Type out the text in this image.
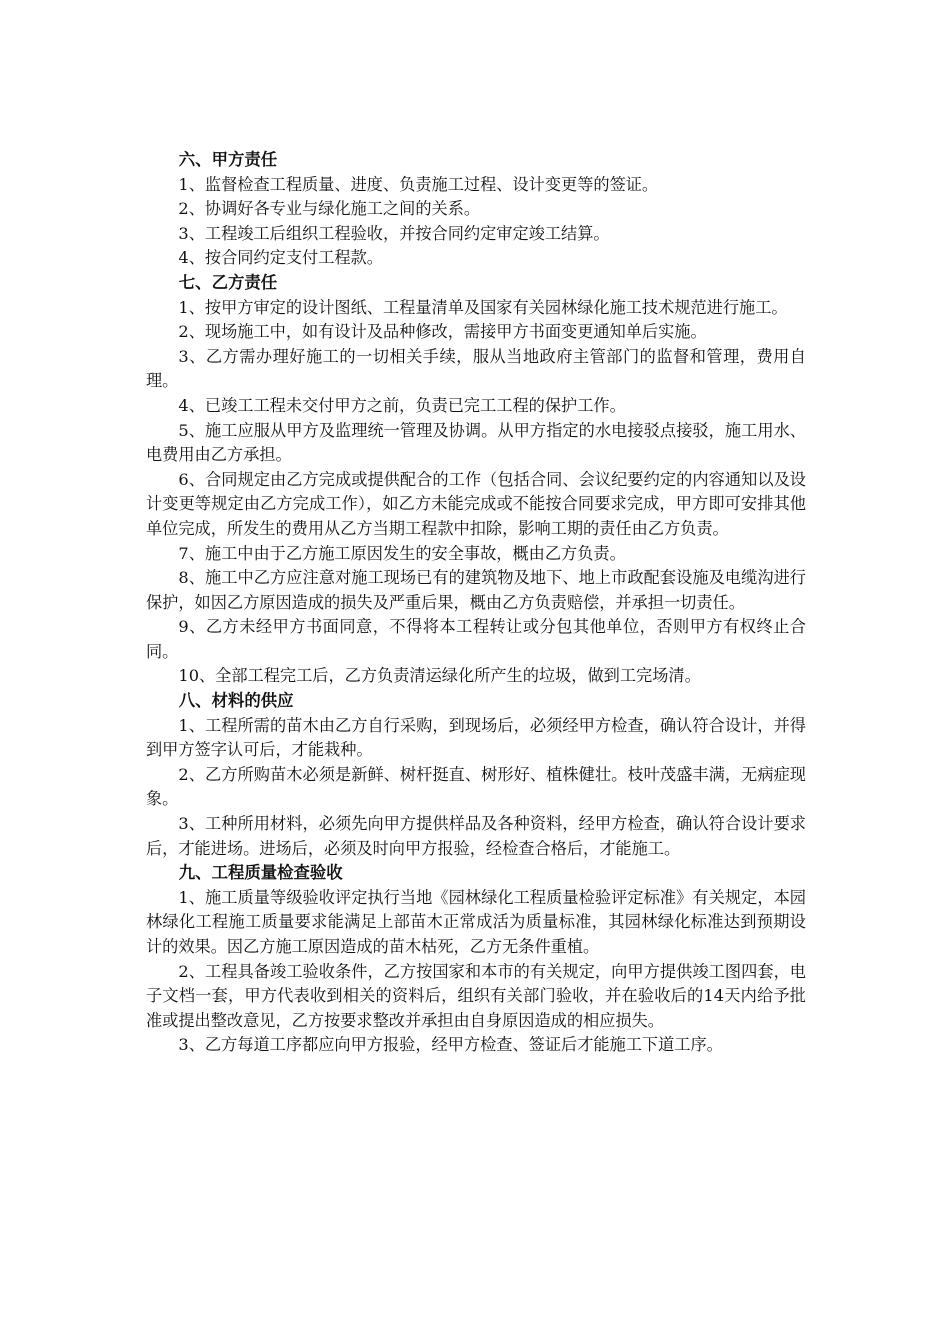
六、甲方责任

1、监督检查工程质量、进度、负责施工过程、设计变更等的签证。

2、协调好各专业与绿化施工之间的关系。

3、工程竣工后组织工程验收，并按合同约定审定竣工结算。

4、按合同约定支付工程款。

七、乙方责任

1、按甲方审定的设计图纸、工程量清单及国家有关园林绿化施工技术规范进行施工。

2、现场施工中，如有设计及品种修改，需接甲方书面变更通知单后实施。

3、乙方需办理好施工的一切相关手续，服从当地政府主管部门的监督和管理，费用自理。

4、已竣工工程未交付甲方之前，负责已完工工程的保护工作。

5、施工应服从甲方及监理统一管理及协调。从甲方指定的水电接驳点接驳，施工用水、电费用由乙方承担。

6、合同规定由乙方完成或提供配合的工作（包括合同、会议纪要约定的内容通知以及设计变更等规定由乙方完成工作），如乙方未能完成或不能按合同要求完成，甲方即可安排其他单位完成，所发生的费用从乙方当期工程款中扣除，影响工期的责任由乙方负责。

7、施工中由于乙方施工原因发生的安全事故，概由乙方负责。

8、施工中乙方应注意对施工现场已有的建筑物及地下、地上市政配套设施及电缆沟进行保护，如因乙方原因造成的损失及严重后果，概由乙方负责赔偿，并承担一切责任。

9、乙方未经甲方书面同意，不得将本工程转让或分包其他单位，否则甲方有权终止合同。

10、全部工程完工后，乙方负责清运绿化所产生的垃圾，做到工完场清。

八、材料的供应

1、工程所需的苗木由乙方自行采购，到现场后，必须经甲方检查，确认符合设计，并得到甲方签字认可后，才能栽种。

2、乙方所购苗木必须是新鲜、树杆挺直、树形好、植株健壮。枝叶茂盛丰满，无病症现象。

3、工种所用材料，必须先向甲方提供样品及各种资料，经甲方检查，确认符合设计要求后，才能进场。进场后，必须及时向甲方报验，经检查合格后，才能施工。

九、工程质量检查验收

1、施工质量等级验收评定执行当地《园林绿化工程质量检验评定标准》有关规定，本园林绿化工程施工质量要求能满足上部苗木正常成活为质量标准，其园林绿化标准达到预期设计的效果。因乙方施工原因造成的苗木枯死，乙方无条件重植。

2、工程具备竣工验收条件，乙方按国家和本市的有关规定，向甲方提供竣工图四套，电子文档一套，甲方代表收到相关的资料后，组织有关部门验收，并在验收后的14天内给予批准或提出整改意见，乙方按要求整改并承担由自身原因造成的相应损失。

3、乙方每道工序都应向甲方报验，经甲方检查、签证后才能施工下道工序。
